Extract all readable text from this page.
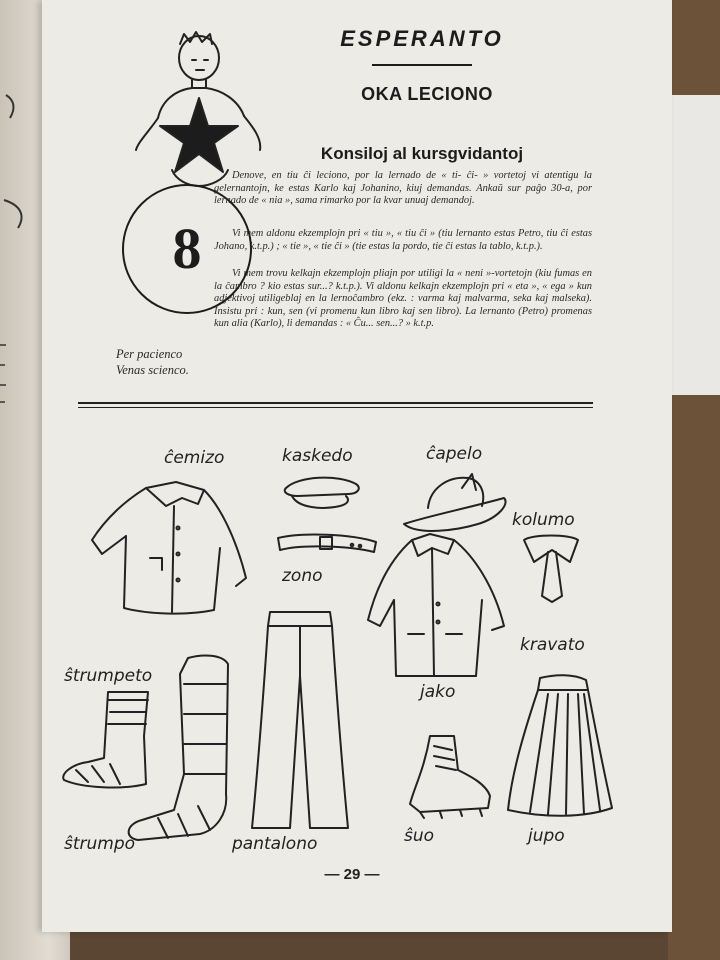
ESPERANTO
OKA LECIONO
Konsiloj al kursgvidantoj
8
Per pacienco
Venas scienco.

Denove, en tiu ĉi leciono, por la lernado de « ti- ĉi- » vortetoj vi atentigu la gelernantojn, ke estas Karlo kaj Johanino, kiuj demandas. Ankaŭ sur paĝo 30-a, por lernado de « nia », sama rimarko por la kvar unuaj demandoj.

Vi mem aldonu ekzemplojn pri « tiu », « tiu ĉi » (tiu lernanto estas Petro, tiu ĉi estas Johano, k.t.p.) ; « tie », « tie ĉi » (tie estas la pordo, tie ĉi estas la tablo, k.t.p.).

Vi mem trovu kelkajn ekzemplojn pliajn por utiligi la « neni »-vortetojn (kiu fumas en la ĉambro ? kio estas sur...? k.t.p.). Vi aldonu kelkajn ekzemplojn pri « eta », « ega » kun adjektivoj utiligeblaj en la lernoĉambro (ekz. : varma kaj malvarma, seka kaj malseka). Insistu pri : kun, sen (vi promenu kun libro kaj sen libro). La lernanto (Petro) promenas kun alia (Karlo), li demandas : « Ĉu... sen...? » k.t.p.

ĉemizo	kaskedo	ĉapelo
kolumo
zono
kravato
jako
ŝtrumpeto
ŝtrumpo	pantalono	ŝuo	jupo
— 29 —
